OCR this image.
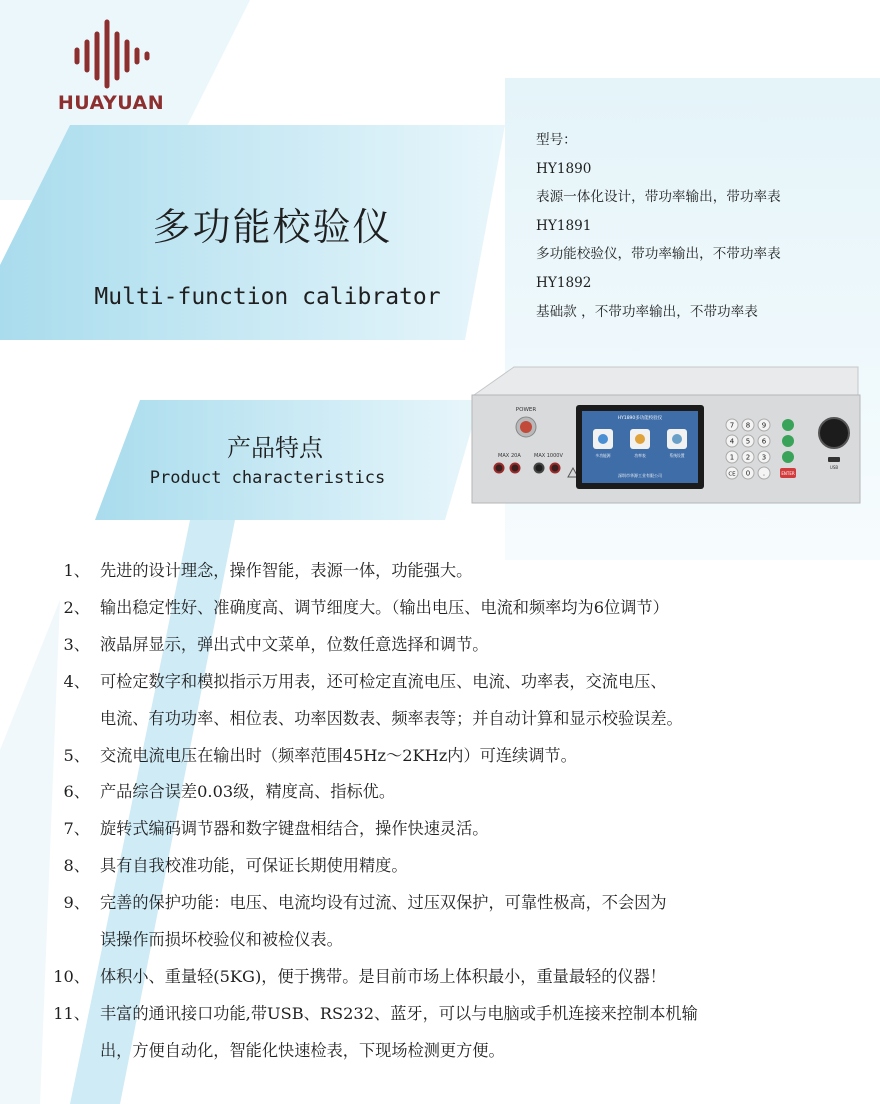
HUAYUAN
多功能校验仪
Multi-function calibrator
型号：
HY1890
表源一体化设计，带功率输出，带功率表
HY1891
多功能校验仪，带功率输出，不带功率表
HY1892
基础款 ，不带功率输出，不带功率表
产品特点
Product characteristics
POWER
MAX 20A	MAX 1000V
HY1890多功能校验仪
多功能源	功率表	系统设置
深圳市华源工业有限公司
7 8 9
4 5 6
1 2 3
CE 0 .	ENTER
USB
1、 先进的设计理念，操作智能，表源一体，功能强大。
2、 输出稳定性好、准确度高、调节细度大。（输出电压、电流和频率均为6位调节）
3、 液晶屏显示，弹出式中文菜单，位数任意选择和调节。
4、 可检定数字和模拟指示万用表，还可检定直流电压、电流、功率表，交流电压、
电流、有功功率、相位表、功率因数表、频率表等；并自动计算和显示校验误差。
5、 交流电流电压在输出时（频率范围45Hz～2KHz内）可连续调节。
6、 产品综合误差0.03级，精度高、指标优。
7、 旋转式编码调节器和数字键盘相结合，操作快速灵活。
8、 具有自我校准功能，可保证长期使用精度。
9、 完善的保护功能：电压、电流均设有过流、过压双保护，可靠性极高，不会因为
误操作而损坏校验仪和被检仪表。
10、 体积小、重量轻(5KG)，便于携带。是目前市场上体积最小，重量最轻的仪器！
11、 丰富的通讯接口功能,带USB、RS232、蓝牙，可以与电脑或手机连接来控制本机输
出，方便自动化，智能化快速检表，下现场检测更方便。
